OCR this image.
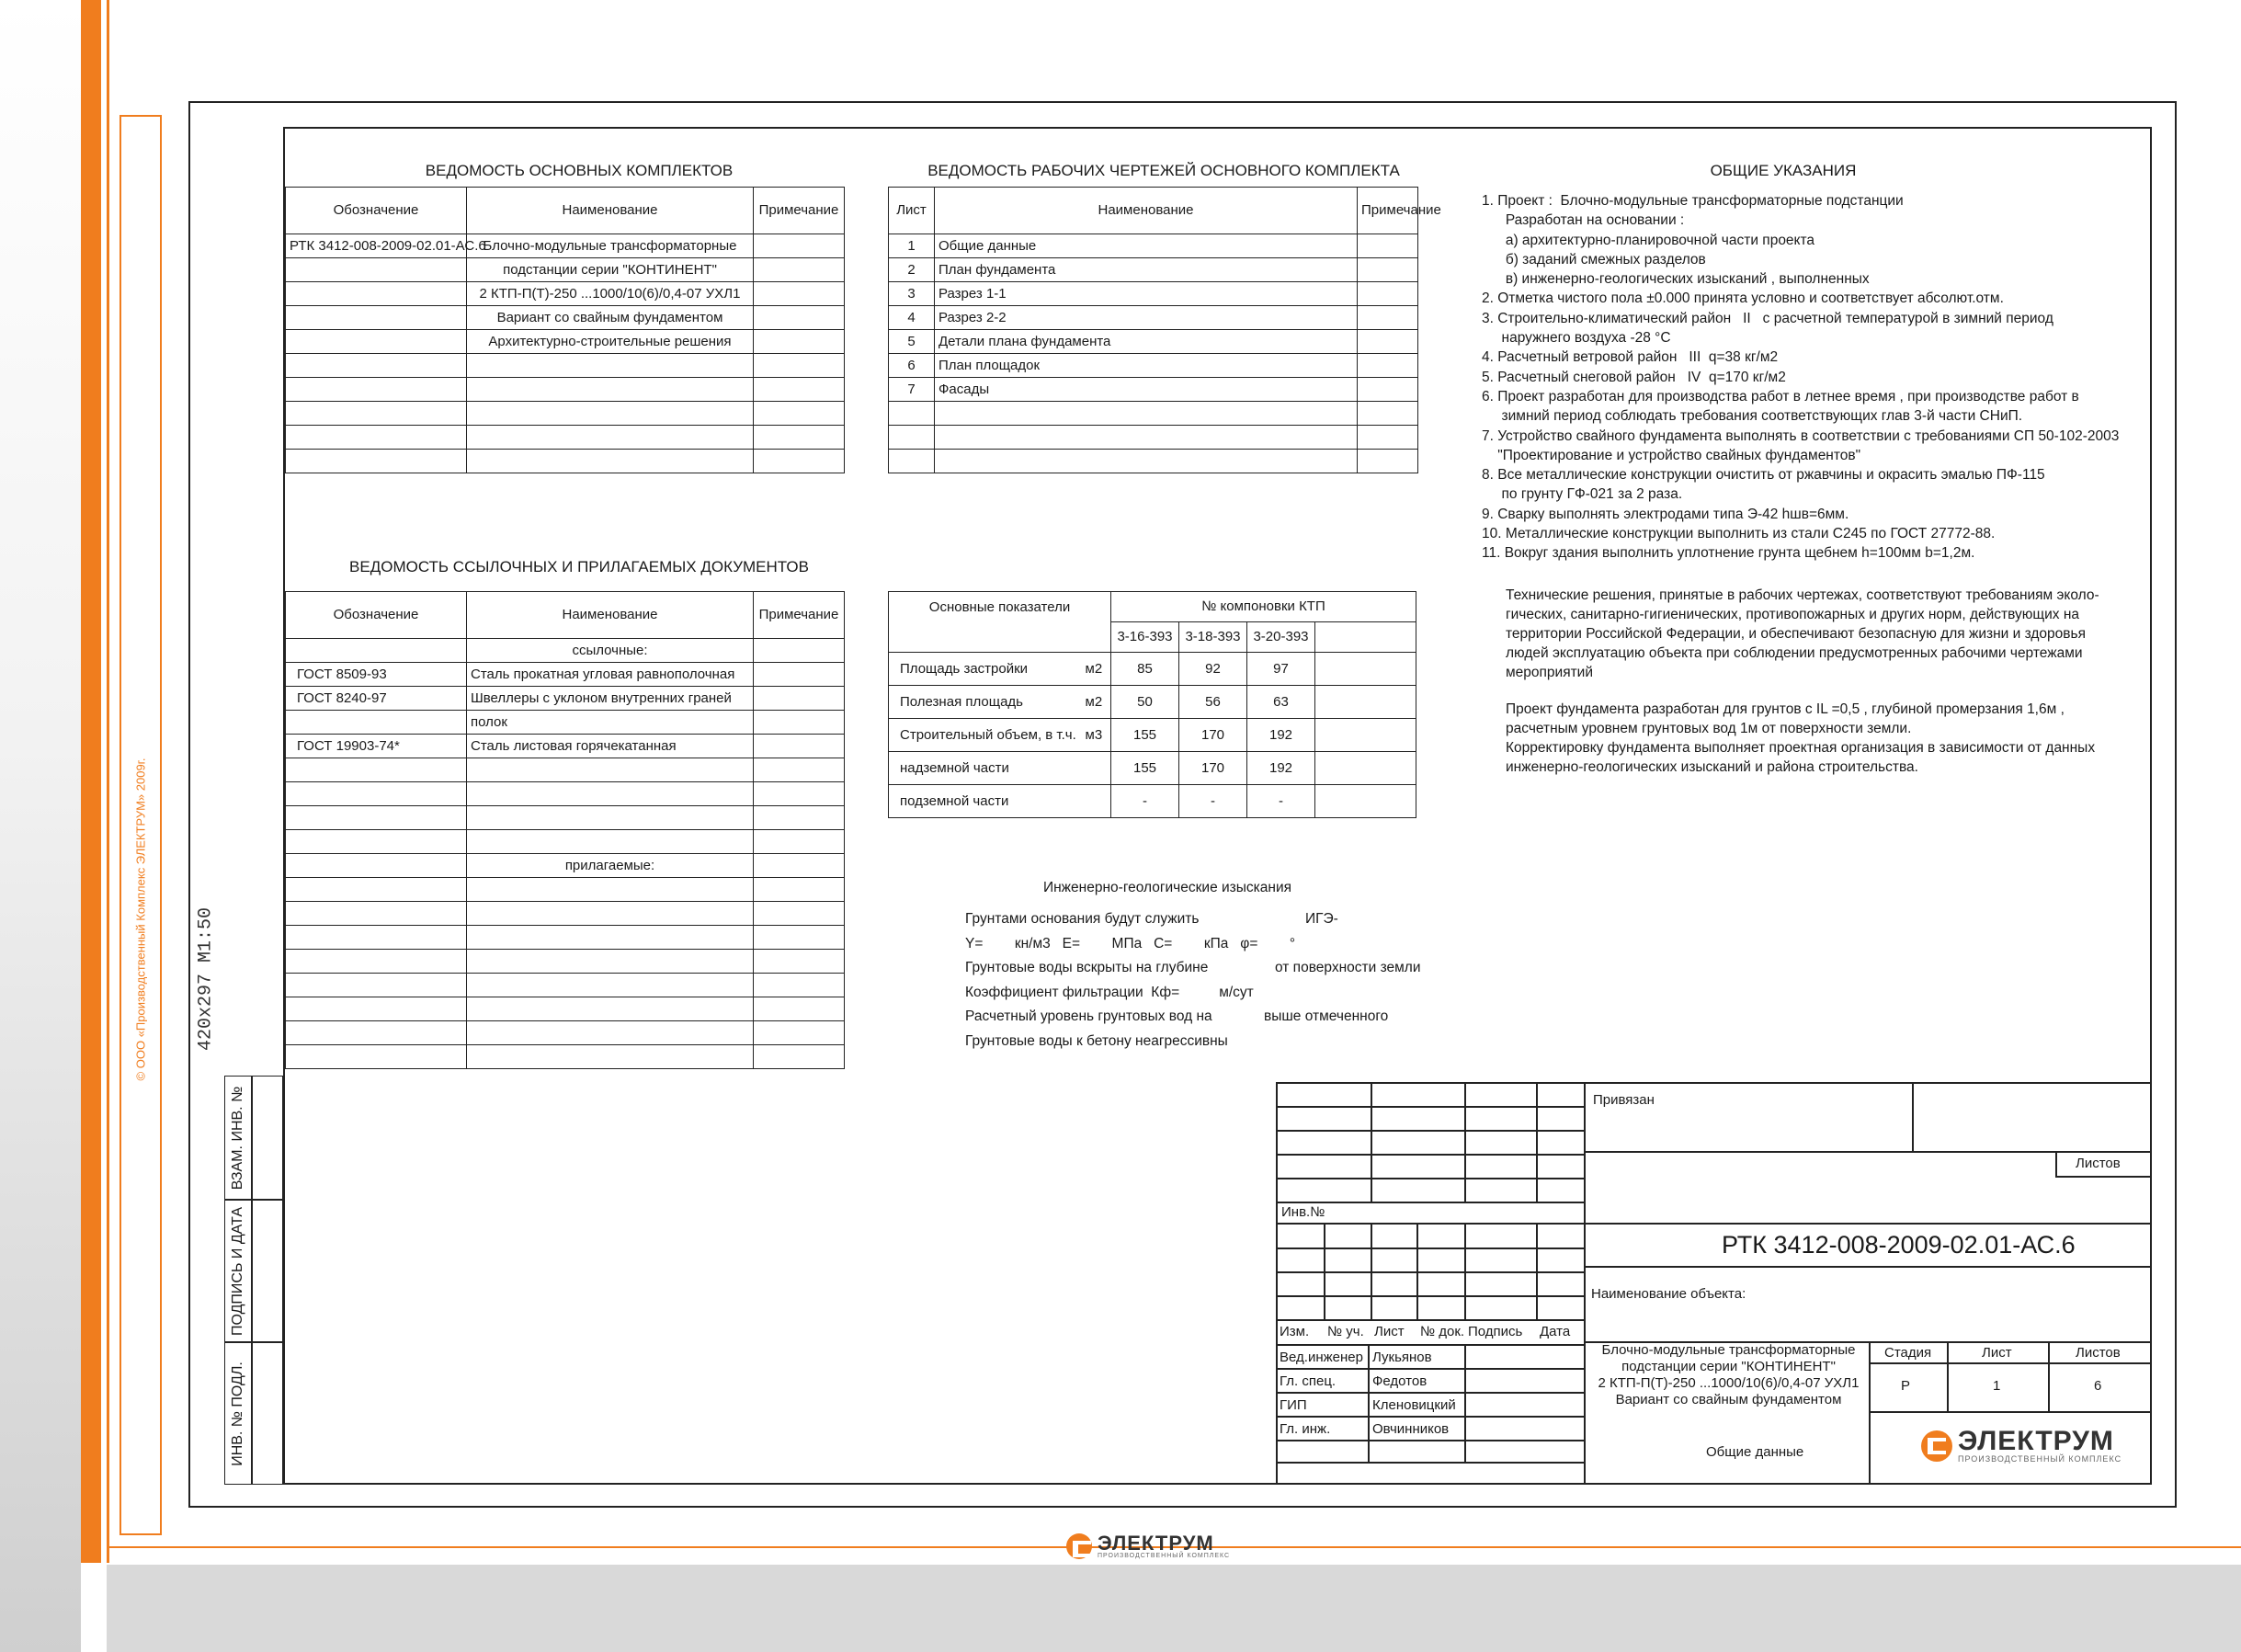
© ООО «Производственный Комплекс ЭЛЕКТРУМ» 2009г.	420x297 М1:50
ВЗАМ. ИНВ. №
ПОДПИСЬ И ДАТА
ИНВ. № ПОДЛ.
ВЕДОМОСТЬ ОСНОВНЫХ КОМПЛЕКТОВ
Обозначение	Наименование	Примечание
РТК 3412-008-2009-02.01-АС.6	Блочно-модульные трансформаторные	
	подстанции серии "КОНТИНЕНТ"	
	2 КТП-П(Т)-250 ...1000/10(6)/0,4-07 УХЛ1	
	Вариант со свайным фундаментом	
	Архитектурно-строительные решения	

ВЕДОМОСТЬ РАБОЧИХ ЧЕРТЕЖЕЙ ОСНОВНОГО КОМПЛЕКТА
Лист	Наименование	Примечание
1	Общие данные	
2	План фундамента	
3	Разрез 1-1	
4	Разрез 2-2	
5	Детали плана фундамента	
6	План площадок	
7	Фасады	

ВЕДОМОСТЬ ССЫЛОЧНЫХ И ПРИЛАГАЕМЫХ ДОКУМЕНТОВ
Обозначение	Наименование	Примечание
	ссылочные:	
ГОСТ 8509-93	Сталь прокатная угловая равнополочная	
ГОСТ 8240-97	Швеллеры с уклоном внутренних граней	
	полок	
ГОСТ 19903-74*	Сталь листовая горячекатанная	

	прилагаемые:	

Основные показатели		№ компоновки КТП			
		3-16-393	3-18-393	3-20-393	
Площадь застройки	м2	85	92	97	
Полезная площадь	м2	50	56	63	
Строительный объем, в т.ч.	м3	155	170	192	
надземной части		155	170	192	
подземной части		-	-	-	
ОБЩИЕ УКАЗАНИЯ
1. Проект :  Блочно-модульные трансформаторные подстанции
Разработан на основании :
а) архитектурно-планировочной части проекта
б) заданий смежных разделов
в) инженерно-геологических изысканий , выполненных
2. Отметка чистого пола ±0.000 принята условно и соответствует абсолют.отм.
3. Строительно-климатический район   II   с расчетной температурой в зимний период
наружнего воздуха -28 °С
4. Расчетный ветровой район   III  q=38 кг/м2
5. Расчетный снеговой район   IV  q=170 кг/м2
6. Проект разработан для производства работ в летнее время , при производстве работ в
зимний период соблюдать требования соответствующих глав 3-й части СНиП.
7. Устройство свайного фундамента выполнять в соответствии с требованиями СП 50-102-2003
"Проектирование и устройство свайных фундаментов"
8. Все металлические конструкции очистить от ржавчины и окрасить эмалью ПФ-115
по грунту ГФ-021 за 2 раза.
9. Сварку выполнять электродами типа Э-42 hшв=6мм.
10. Металлические конструкции выполнить из стали С245 по ГОСТ 27772-88.
11. Вокруг здания выполнить уплотнение грунта щебнем h=100мм b=1,2м.
Технические решения, принятые в рабочих чертежах, соответствуют требованиям эколо-
гических, санитарно-гигиенических, противопожарных и других норм, действующих на
территории Российской Федерации, и обеспечивают безопасную для жизни и здоровья
людей эксплуатацию объекта при соблюдении предусмотренных рабочими чертежами
мероприятий
Проект фундамента разработан для грунтов с IL =0,5 , глубиной промерзания 1,6м ,
расчетным уровнем грунтовых вод 1м от поверхности земли.
Корректировку фундамента выполняет проектная организация в зависимости от данных
инженерно-геологических изысканий и района строительства.
Инженерно-геологические изыскания
Грунтами основания будут служить	ИГЭ-
Y=        кн/м3   E=        МПа   C=        кПа   φ=        °
Грунтовые воды вскрыты на глубине	от поверхности земли
Коэффициент фильтрации  Кф=          м/сут
Расчетный уровень грунтовых вод на	выше отмеченного
Грунтовые воды к бетону неагрессивны
Инв.№
Изм. № уч. Лист № док. Подпись Дата
Вед.инженер Лукьянов
Гл. спец.	Федотов
ГИП	Кленовицкий
Гл. инж.	Овчинников
Привязан
Листов
РТК 3412-008-2009-02.01-АС.6
Наименование объекта:
Блочно-модульные трансформаторные
подстанции серии "КОНТИНЕНТ"
2 КТП-П(Т)-250 ...1000/10(6)/0,4-07 УХЛ1
Вариант со свайным фундаментом
Стадия	Лист	Листов
Р	1	6
Общие данные	ЭЛЕКТРУМ
ПРОИЗВОДСТВЕННЫЙ КОМПЛЕКС
ЭЛЕКТРУМ
ПРОИЗВОДСТВЕННЫЙ КОМПЛЕКС
